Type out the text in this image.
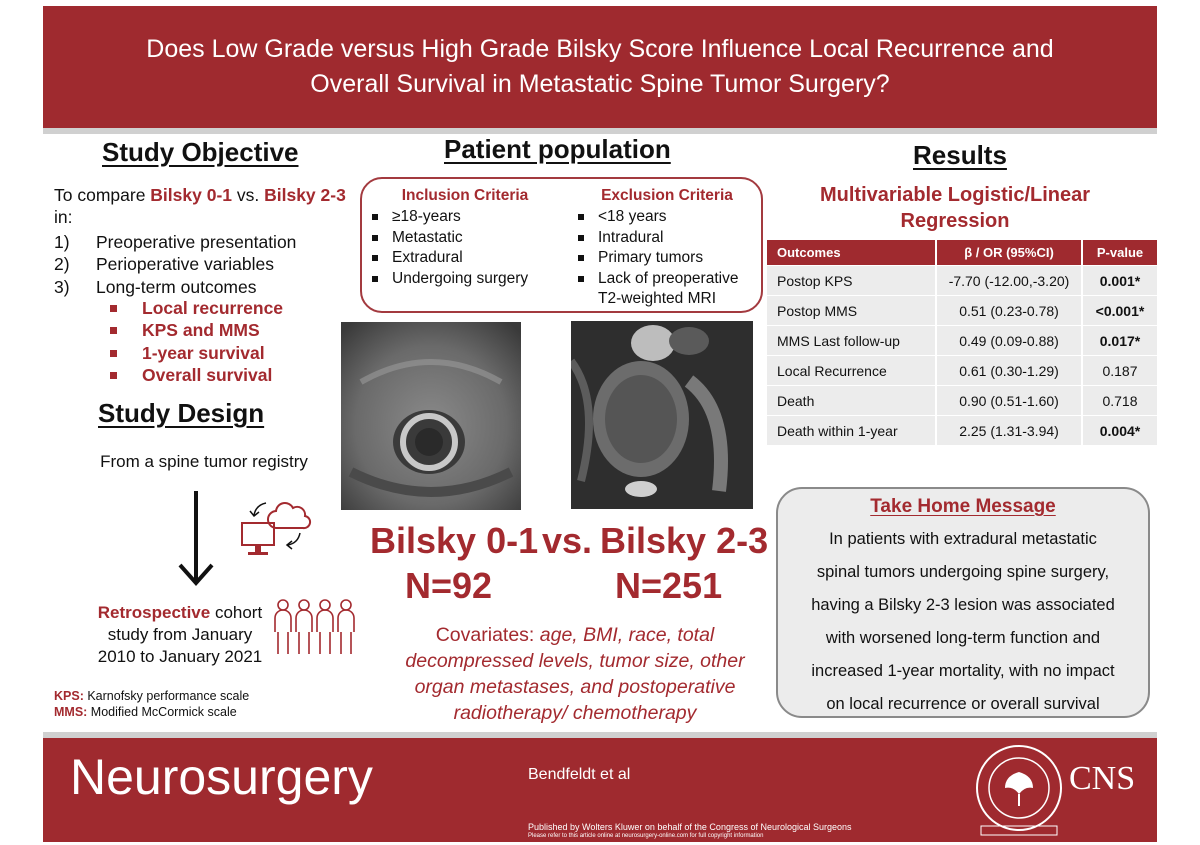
Does Low Grade versus High Grade Bilsky Score Influence Local Recurrence and
Overall Survival in Metastatic Spine Tumor Surgery?
Study Objective
To compare Bilsky 0-1 vs. Bilsky 2-3 in:
1)	Preoperative presentation
2)	Perioperative variables
3)	Long-term outcomes
Local recurrence
KPS and MMS
1-year survival
Overall survival
Study Design
From a spine tumor registry
Retrospective cohort
study from January
2010 to January 2021
KPS: Karnofsky performance scale
MMS: Modified McCormick scale
Patient population
Inclusion Criteria
≥18-years
Metastatic
Extradural
Undergoing surgery
Exclusion Criteria
<18 years
Intradural
Primary tumors
Lack of preoperative T2-weighted MRI
Bilsky 0-1 vs. Bilsky 2-3
N=92	N=251
Covariates: age, BMI, race, total decompressed levels, tumor size, other organ metastases, and postoperative radiotherapy/ chemotherapy
Results
Multivariable Logistic/Linear
Regression
Outcomes	β / OR (95%CI)	P-value
Postop KPS	-7.70 (-12.00,-3.20)	0.001*
Postop MMS	0.51 (0.23-0.78)	<0.001*
MMS Last follow-up	0.49 (0.09-0.88)	0.017*
Local Recurrence	0.61 (0.30-1.29)	0.187
Death	0.90 (0.51-1.60)	0.718
Death within 1-year	2.25 (1.31-3.94)	0.004*
Take Home Message
In patients with extradural metastatic
spinal tumors undergoing spine surgery,
having a Bilsky 2-3 lesion was associated
with worsened long-term function and
increased 1-year mortality, with no impact
on local recurrence or overall survival
Neurosurgery	Bendfeldt et al
Published by Wolters Kluwer on behalf of the Congress of Neurological Surgeons
Please refer to this article online at neurosurgery-online.com for full copyright information
CNS
